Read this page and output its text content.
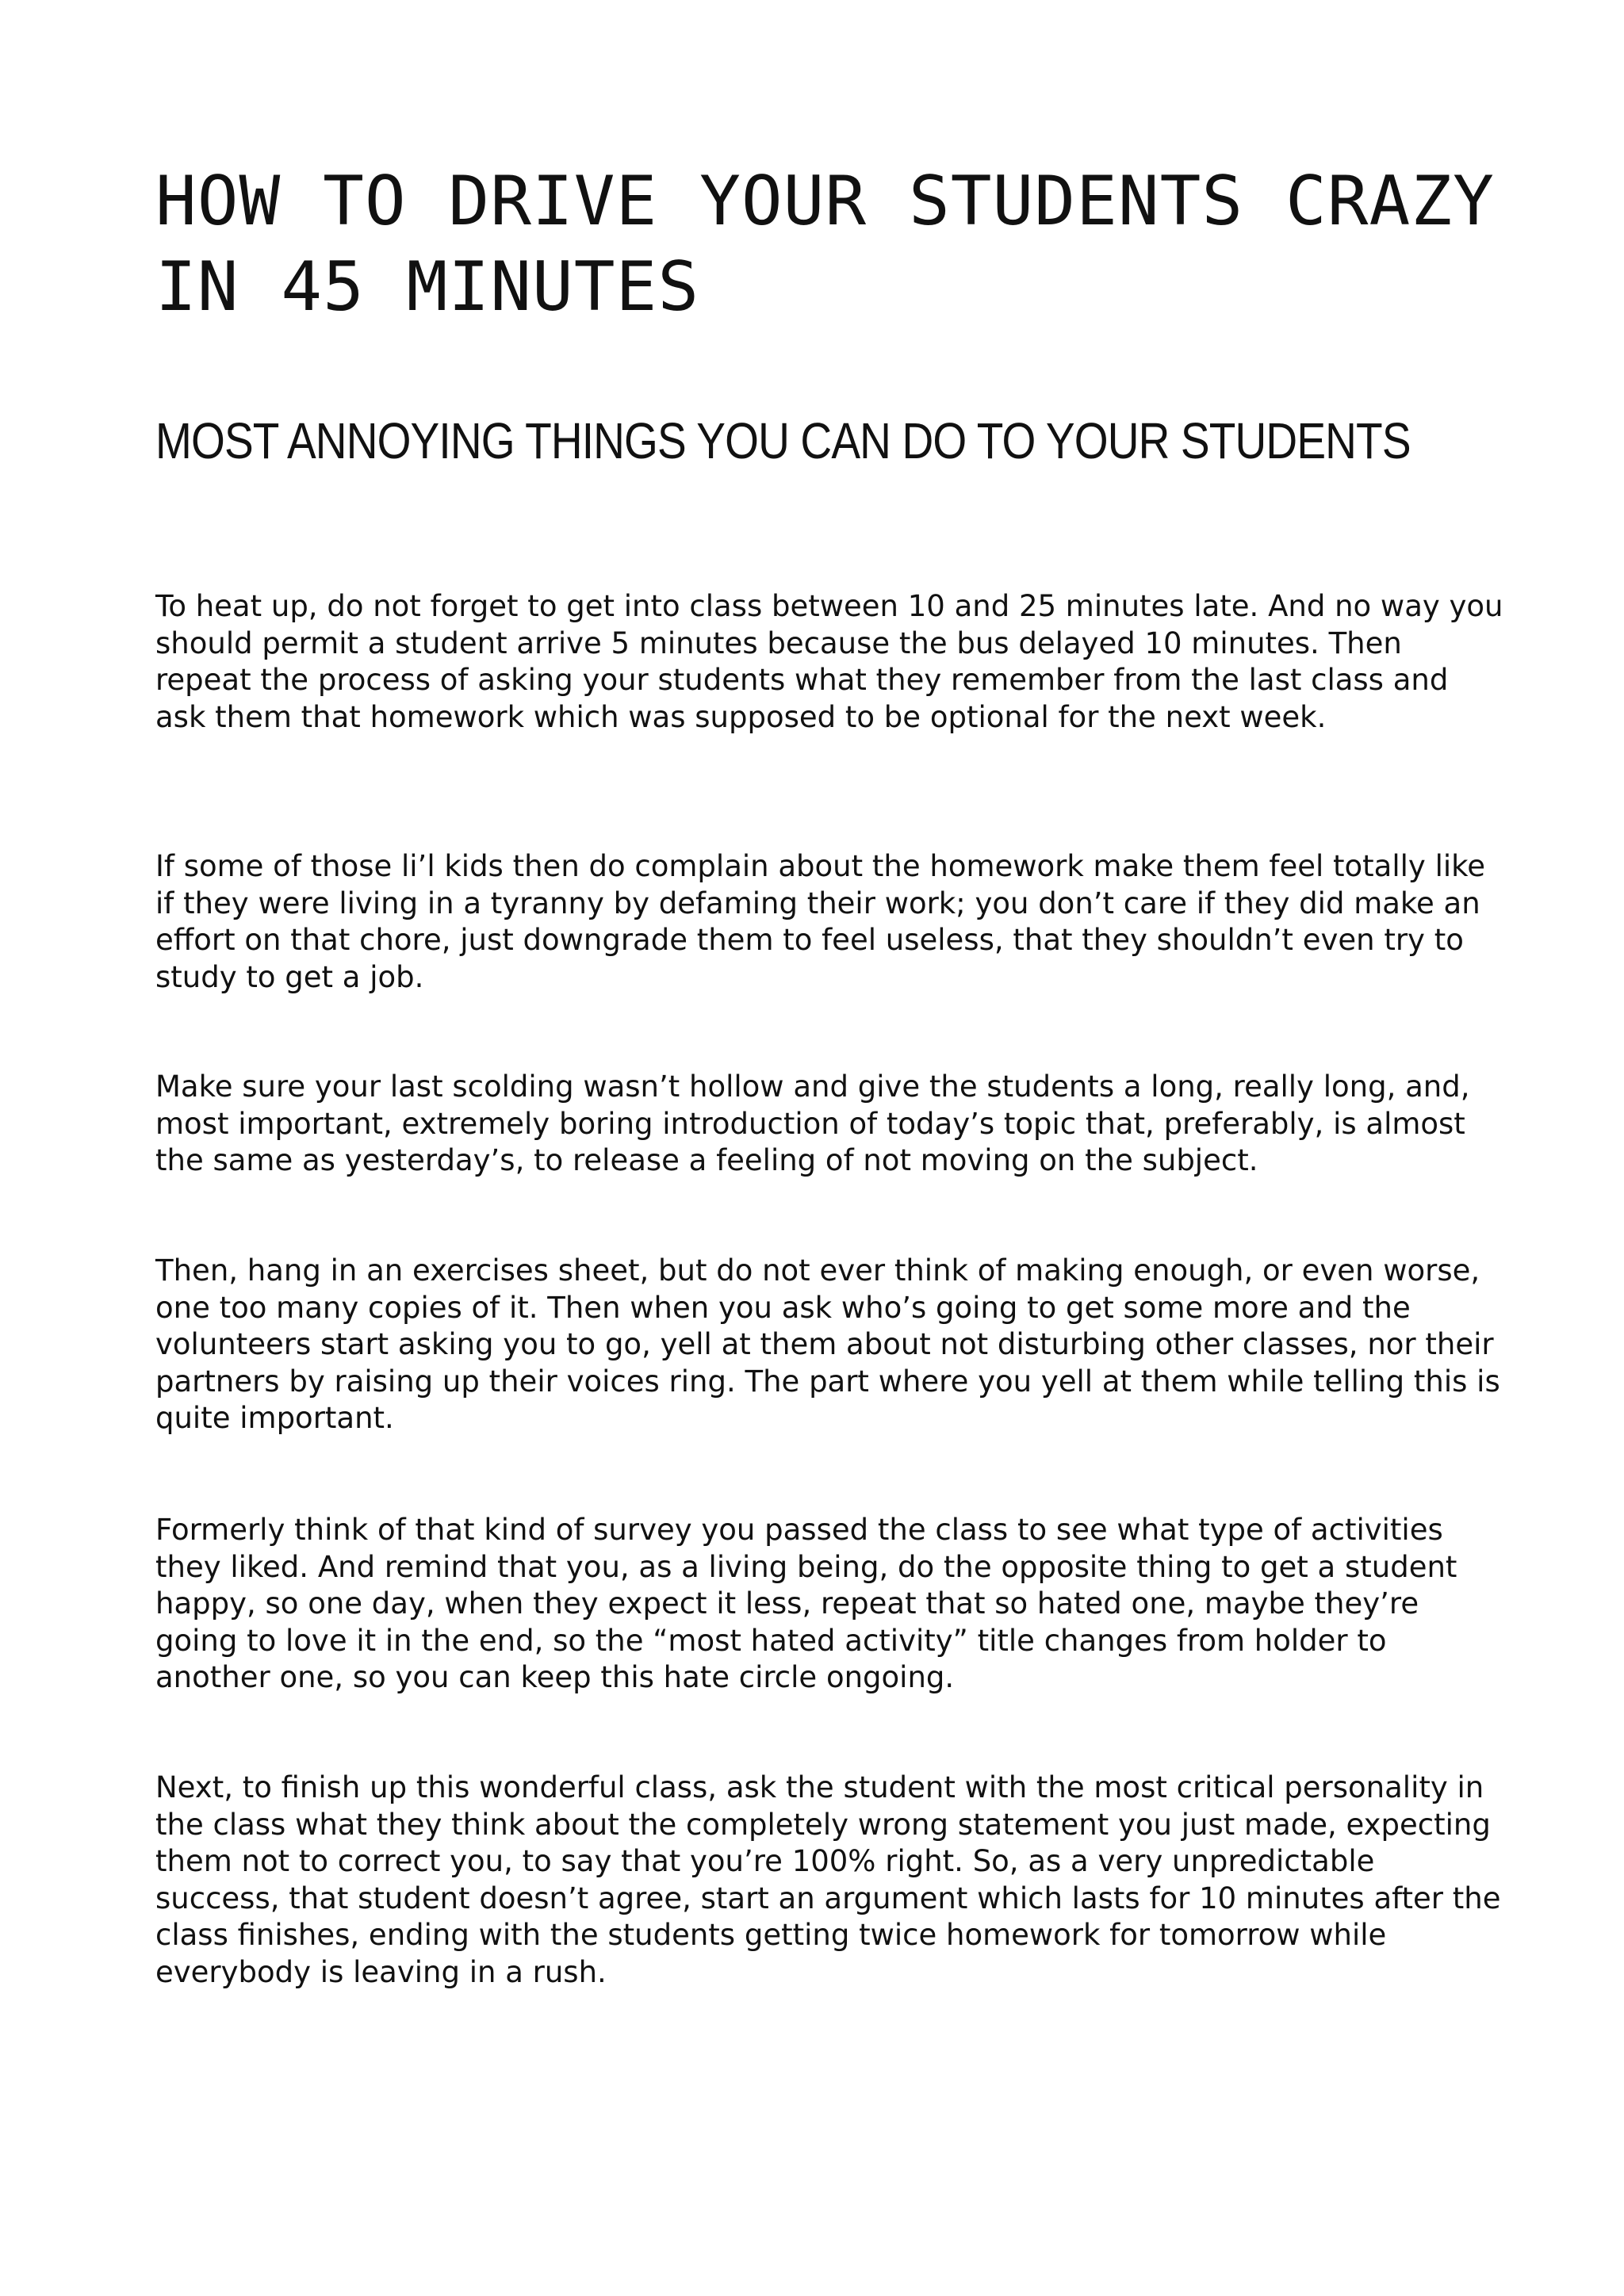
HOW TO DRIVE YOUR STUDENTS CRAZY IN 45 MINUTES
MOST ANNOYING THINGS YOU CAN DO TO YOUR STUDENTS

To heat up, do not forget to get into class between 10 and 25 minutes late. And no way you should permit a student arrive 5 minutes because the bus delayed 10 minutes. Then repeat the process of asking your students what they remember from the last class and ask them that homework which was supposed to be optional for the next week.

If some of those li’l kids then do complain about the homework make them feel totally like if they were living in a tyranny by defaming their work; you don’t care if they did make an effort on that chore, just downgrade them to feel useless, that they shouldn’t even try to study to get a job.

Make sure your last scolding wasn’t hollow and give the students a long, really long, and, most important, extremely boring introduction of today’s topic that, preferably, is almost the same as yesterday’s, to release a feeling of not moving on the subject.

Then, hang in an exercises sheet, but do not ever think of making enough, or even worse, one too many copies of it. Then when you ask who’s going to get some more and the volunteers start asking you to go, yell at them about not disturbing other classes, nor their partners by raising up their voices ring. The part where you yell at them while telling this is quite important.

Formerly think of that kind of survey you passed the class to see what type of activities they liked. And remind that you, as a living being, do the opposite thing to get a student happy, so one day, when they expect it less, repeat that so hated one, maybe they’re going to love it in the end, so the “most hated activity” title changes from holder to another one, so you can keep this hate circle ongoing.

Next, to finish up this wonderful class, ask the student with the most critical personality in the class what they think about the completely wrong statement you just made, expecting them not to correct you, to say that you’re 100% right. So, as a very unpredictable success, that student doesn’t agree, start an argument which lasts for 10 minutes after the class finishes, ending with the students getting twice homework for tomorrow while everybody is leaving in a rush.
